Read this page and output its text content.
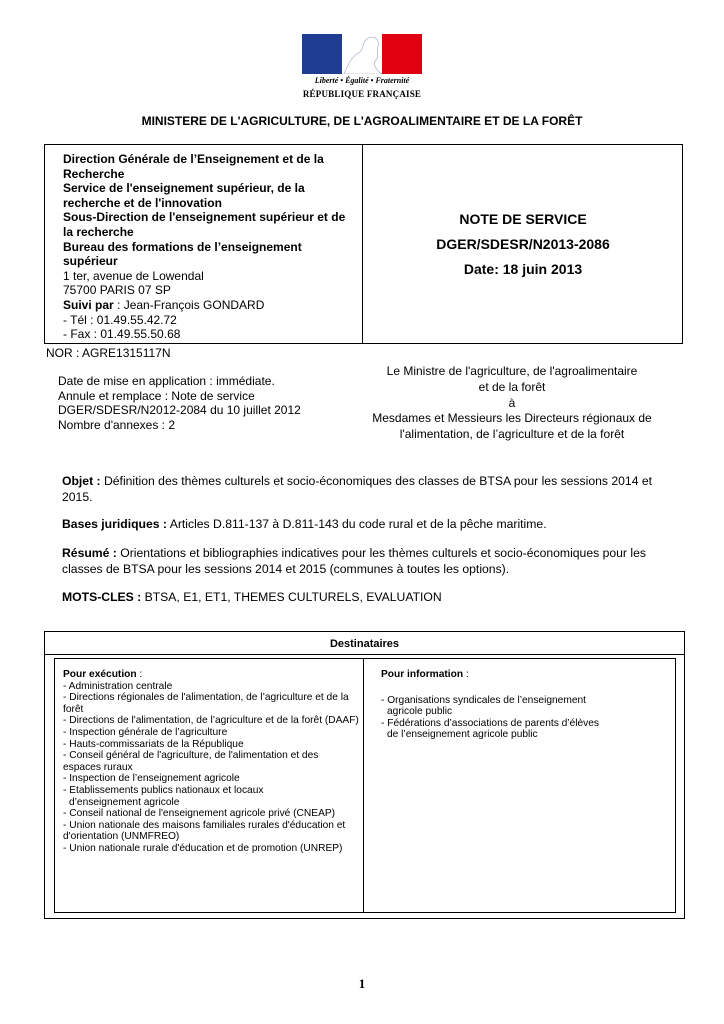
Liberté • Égalité • Fraternité
RÉPUBLIQUE FRANÇAISE
MINISTERE DE L'AGRICULTURE, DE L'AGROALIMENTAIRE ET DE LA FORÊT
Direction Générale de l’Enseignement et de la Recherche
Service de l'enseignement supérieur, de la recherche et de l'innovation
Sous-Direction de l'enseignement supérieur et de la recherche
Bureau des formations de l’enseignement supérieur
1 ter, avenue de Lowendal
75700 PARIS 07 SP
Suivi par : Jean-François GONDARD
- Tél : 01.49.55.42.72
- Fax : 01.49.55.50.68
NOTE DE SERVICE
DGER/SDESR/N2013-2086
Date: 18 juin 2013
NOR : AGRE1315117N
Date de mise en application : immédiate.
Annule et remplace : Note de service
DGER/SDESR/N2012-2084 du 10 juillet 2012
Nombre d'annexes : 2
Le Ministre de l'agriculture, de l'agroalimentaire
et de la forêt
à
Mesdames et Messieurs les Directeurs régionaux de
l'alimentation, de l’agriculture et de la forêt
Objet : Définition des thèmes culturels et socio-économiques des classes de BTSA pour les sessions 2014 et 2015.
Bases juridiques : Articles D.811-137 à D.811-143 du code rural et de la pêche maritime.
Résumé : Orientations et bibliographies indicatives pour les thèmes culturels et socio-économiques pour les classes de BTSA pour les sessions 2014 et 2015 (communes à toutes les options).
MOTS-CLES : BTSA, E1, ET1, THEMES CULTURELS, EVALUATION
Destinataires
Pour exécution :
- Administration centrale
- Directions régionales de l'alimentation, de l’agriculture et de la forêt
- Directions de l'alimentation, de l’agriculture et de la forêt (DAAF)
- Inspection générale de l’agriculture
- Hauts-commissariats de la République
- Conseil général de l'agriculture, de l'alimentation et des espaces ruraux
- Inspection de l’enseignement agricole
- Etablissements publics nationaux et locaux
d’enseignement agricole
- Conseil national de l'enseignement agricole privé (CNEAP)
- Union nationale des maisons familiales rurales d'éducation et d'orientation (UNMFREO)
- Union nationale rurale d'éducation et de promotion (UNREP)
Pour information :
- Organisations syndicales de l’enseignement
agricole public
- Fédérations d’associations de parents d’élèves
de l’enseignement agricole public
1
